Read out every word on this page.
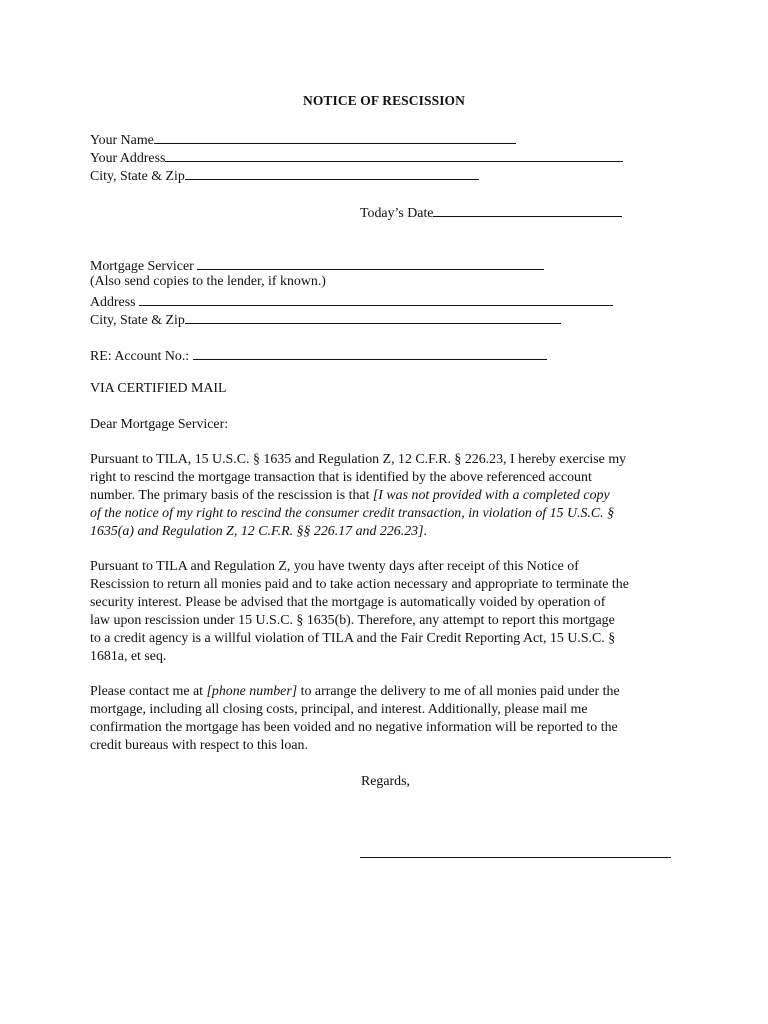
NOTICE OF RESCISSION
Your Name
Your Address
City, State & Zip
Today’s Date
Mortgage Servicer
(Also send copies to the lender, if known.)
Address
City, State & Zip
RE: Account No.:
VIA CERTIFIED MAIL
Dear Mortgage Servicer:
Pursuant to TILA, 15 U.S.C. § 1635 and Regulation Z, 12 C.F.R. § 226.23, I hereby exercise my
right to rescind the mortgage transaction that is identified by the above referenced account
number. The primary basis of the rescission is that [I was not provided with a completed copy
of the notice of my right to rescind the consumer credit transaction, in violation of 15 U.S.C. §
1635(a) and Regulation Z, 12 C.F.R. §§ 226.17 and 226.23].
Pursuant to TILA and Regulation Z, you have twenty days after receipt of this Notice of
Rescission to return all monies paid and to take action necessary and appropriate to terminate the
security interest. Please be advised that the mortgage is automatically voided by operation of
law upon rescission under 15 U.S.C. § 1635(b). Therefore, any attempt to report this mortgage
to a credit agency is a willful violation of TILA and the Fair Credit Reporting Act, 15 U.S.C. §
1681a, et seq.
Please contact me at [phone number] to arrange the delivery to me of all monies paid under the
mortgage, including all closing costs, principal, and interest. Additionally, please mail me
confirmation the mortgage has been voided and no negative information will be reported to the
credit bureaus with respect to this loan.
Regards,
